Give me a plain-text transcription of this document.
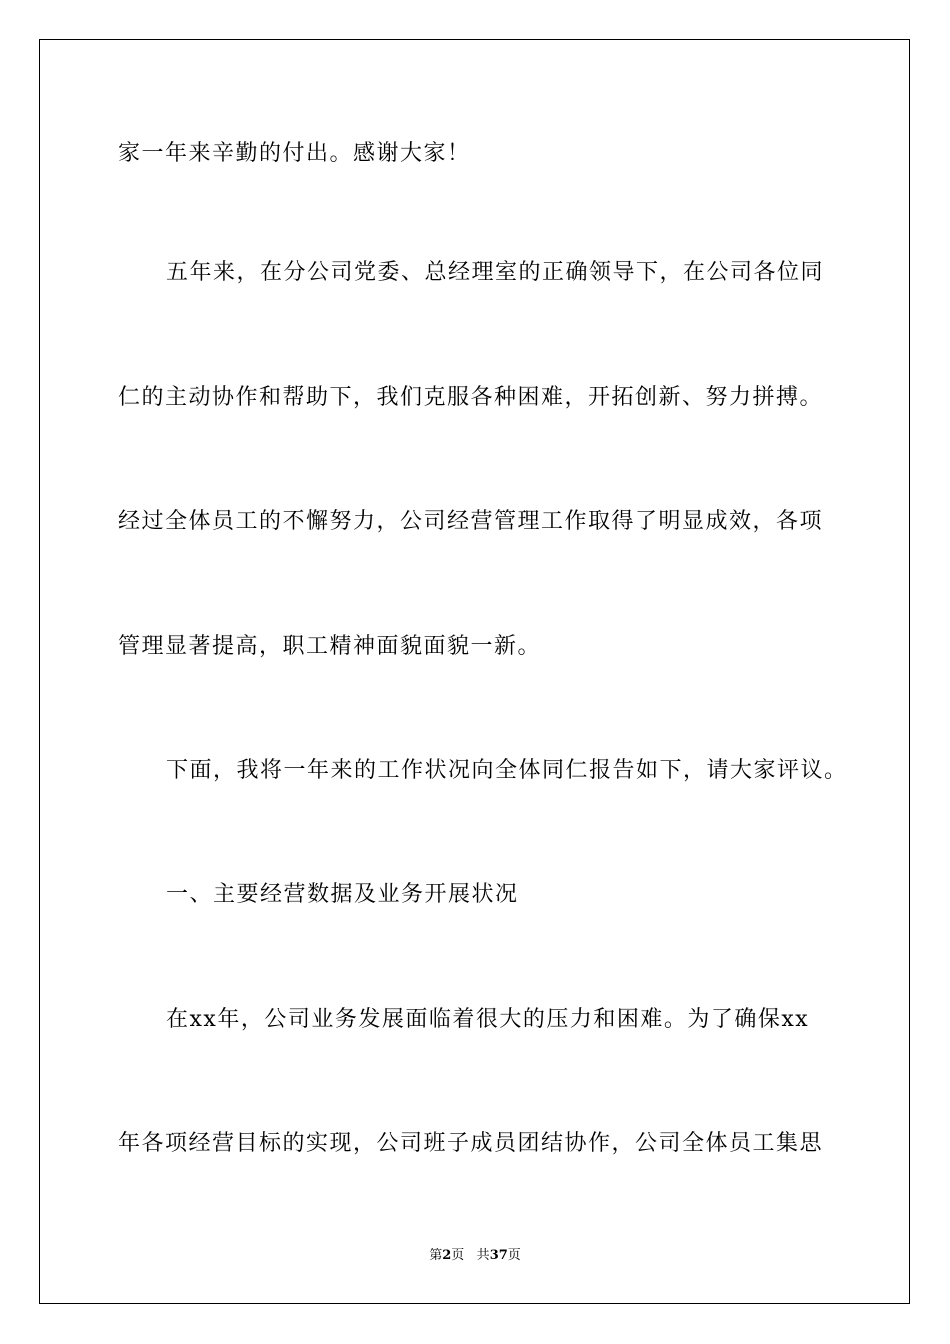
家一年来辛勤的付出。感谢大家！
五年来，在分公司党委、总经理室的正确领导下，在公司各位同
仁的主动协作和帮助下，我们克服各种困难，开拓创新、努力拼搏。
经过全体员工的不懈努力，公司经营管理工作取得了明显成效，各项
管理显著提高，职工精神面貌面貌一新。
下面，我将一年来的工作状况向全体同仁报告如下，请大家评议。
一、主要经营数据及业务开展状况
在xx年，公司业务发展面临着很大的压力和困难。为了确保xx
年各项经营目标的实现，公司班子成员团结协作，公司全体员工集思
第2页 共37页
